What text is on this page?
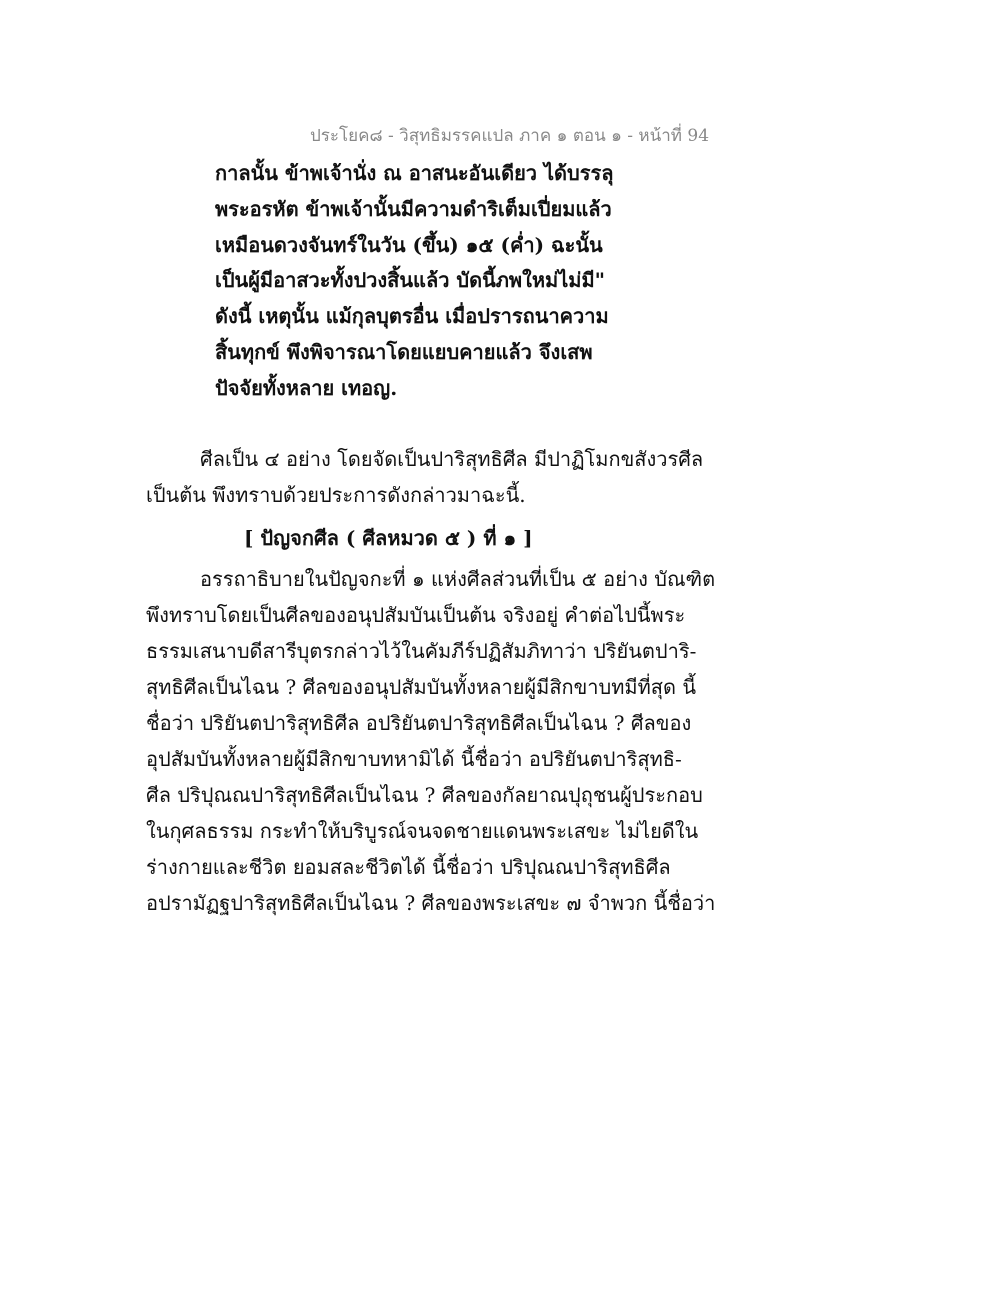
ประโยค๘ - วิสุทธิมรรคแปล ภาค ๑ ตอน ๑ - หน้าที่ 94
กาลนั้น ข้าพเจ้านั่ง ณ อาสนะอันเดียว ได้บรรลุ
พระอรหัต ข้าพเจ้านั้นมีความดำริเต็มเปี่ยมแล้ว
เหมือนดวงจันทร์ในวัน (ขึ้น) ๑๕ (ค่ำ) ฉะนั้น
เป็นผู้มีอาสวะทั้งปวงสิ้นแล้ว บัดนี้ภพใหม่ไม่มี"
ดังนี้ เหตุนั้น แม้กุลบุตรอื่น เมื่อปรารถนาความ
สิ้นทุกข์ พึงพิจารณาโดยแยบคายแล้ว จึงเสพ
ปัจจัยทั้งหลาย เทอญ.
ศีลเป็น ๔ อย่าง โดยจัดเป็นปาริสุทธิศีล มีปาฏิโมกขสังวรศีล
เป็นต้น พึงทราบด้วยประการดังกล่าวมาฉะนี้.
[ ปัญจกศีล ( ศีลหมวด ๕ ) ที่ ๑ ]
อรรถาธิบายในปัญจกะที่ ๑ แห่งศีลส่วนที่เป็น ๕ อย่าง บัณฑิต
พึงทราบโดยเป็นศีลของอนุปสัมบันเป็นต้น จริงอยู่ คำต่อไปนี้พระ
ธรรมเสนาบดีสารีบุตรกล่าวไว้ในคัมภีร์ปฏิสัมภิทาว่า ปริยันตปาริ-
สุทธิศีลเป็นไฉน ? ศีลของอนุปสัมบันทั้งหลายผู้มีสิกขาบทมีที่สุด นี้
ชื่อว่า ปริยันตปาริสุทธิศีล อปริยันตปาริสุทธิศีลเป็นไฉน ? ศีลของ
อุปสัมบันทั้งหลายผู้มีสิกขาบทหามิได้ นี้ชื่อว่า อปริยันตปาริสุทธิ-
ศีล ปริปุณณปาริสุทธิศีลเป็นไฉน ? ศีลของกัลยาณปุถุชนผู้ประกอบ
ในกุศลธรรม กระทำให้บริบูรณ์จนจดชายแดนพระเสขะ ไม่ไยดีใน
ร่างกายและชีวิต ยอมสละชีวิตได้ นี้ชื่อว่า ปริปุณณปาริสุทธิศีล
อปรามัฏฐปาริสุทธิศีลเป็นไฉน ? ศีลของพระเสขะ ๗ จำพวก นี้ชื่อว่า
